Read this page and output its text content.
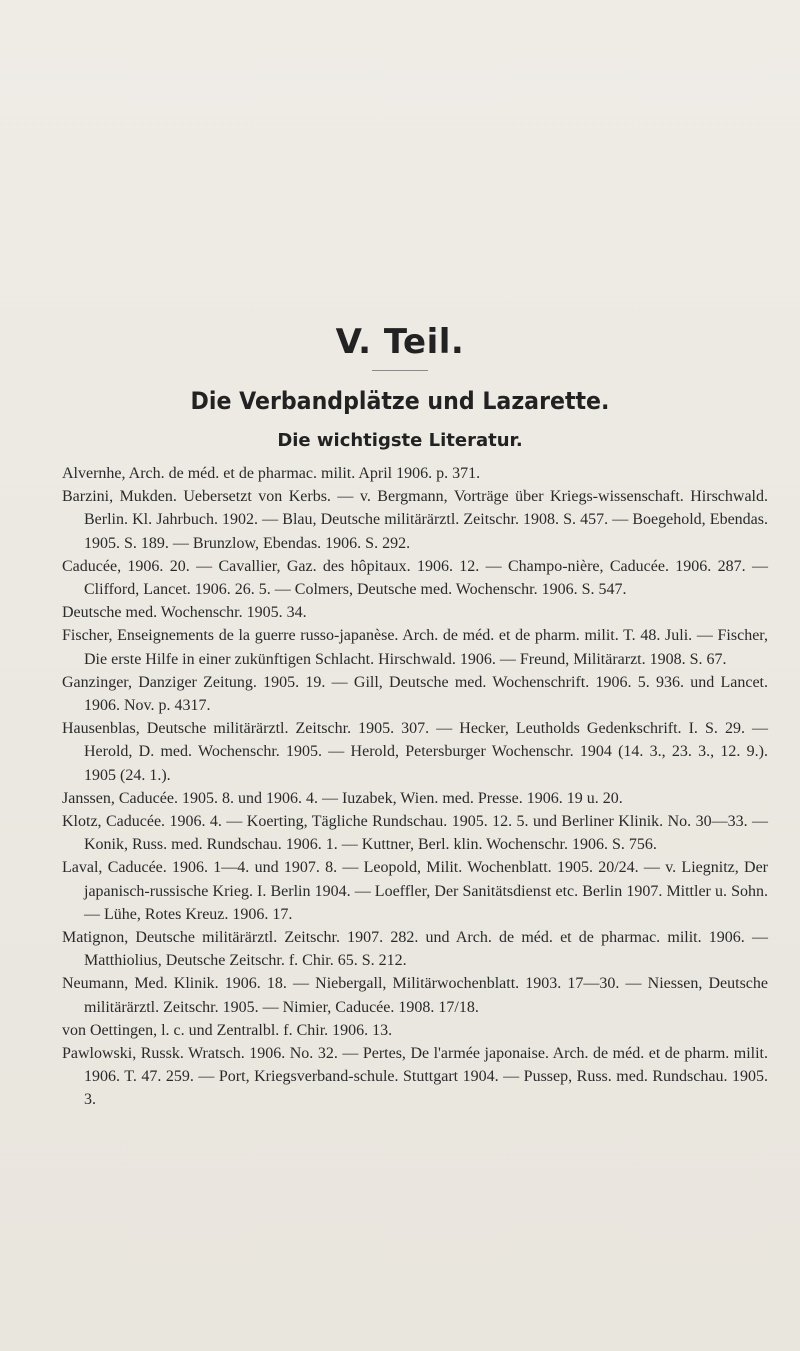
V. Teil.
Die Verbandplätze und Lazarette.
Die wichtigste Literatur.
Alvernhe, Arch. de méd. et de pharmac. milit. April 1906. p. 371.
Barzini, Mukden. Uebersetzt von Kerbs. — v. Bergmann, Vorträge über Kriegs-wissenschaft. Hirschwald. Berlin. Kl. Jahrbuch. 1902. — Blau, Deutsche militärärztl. Zeitschr. 1908. S. 457. — Boegehold, Ebendas. 1905. S. 189. — Brunzlow, Ebendas. 1906. S. 292.
Caducée, 1906. 20. — Cavallier, Gaz. des hôpitaux. 1906. 12. — Champo-nière, Caducée. 1906. 287. — Clifford, Lancet. 1906. 26. 5. — Colmers, Deutsche med. Wochenschr. 1906. S. 547.
Deutsche med. Wochenschr. 1905. 34.
Fischer, Enseignements de la guerre russo-japanèse. Arch. de méd. et de pharm. milit. T. 48. Juli. — Fischer, Die erste Hilfe in einer zukünftigen Schlacht. Hirschwald. 1906. — Freund, Militärarzt. 1908. S. 67.
Ganzinger, Danziger Zeitung. 1905. 19. — Gill, Deutsche med. Wochenschrift. 1906. 5. 936. und Lancet. 1906. Nov. p. 4317.
Hausenblas, Deutsche militärärztl. Zeitschr. 1905. 307. — Hecker, Leutholds Gedenkschrift. I. S. 29. — Herold, D. med. Wochenschr. 1905. — Herold, Petersburger Wochenschr. 1904 (14. 3., 23. 3., 12. 9.). 1905 (24. 1.).
Janssen, Caducée. 1905. 8. und 1906. 4. — Iuzabek, Wien. med. Presse. 1906. 19 u. 20.
Klotz, Caducée. 1906. 4. — Koerting, Tägliche Rundschau. 1905. 12. 5. und Berliner Klinik. No. 30—33. — Konik, Russ. med. Rundschau. 1906. 1. — Kuttner, Berl. klin. Wochenschr. 1906. S. 756.
Laval, Caducée. 1906. 1—4. und 1907. 8. — Leopold, Milit. Wochenblatt. 1905. 20/24. — v. Liegnitz, Der japanisch-russische Krieg. I. Berlin 1904. — Loeffler, Der Sanitätsdienst etc. Berlin 1907. Mittler u. Sohn. — Lühe, Rotes Kreuz. 1906. 17.
Matignon, Deutsche militärärztl. Zeitschr. 1907. 282. und Arch. de méd. et de pharmac. milit. 1906. — Matthiolius, Deutsche Zeitschr. f. Chir. 65. S. 212.
Neumann, Med. Klinik. 1906. 18. — Niebergall, Militärwochenblatt. 1903. 17—30. — Niessen, Deutsche militärärztl. Zeitschr. 1905. — Nimier, Caducée. 1908. 17/18.
von Oettingen, l. c. und Zentralbl. f. Chir. 1906. 13.
Pawlowski, Russk. Wratsch. 1906. No. 32. — Pertes, De l'armée japonaise. Arch. de méd. et de pharm. milit. 1906. T. 47. 259. — Port, Kriegsverband-schule. Stuttgart 1904. — Pussep, Russ. med. Rundschau. 1905. 3.
